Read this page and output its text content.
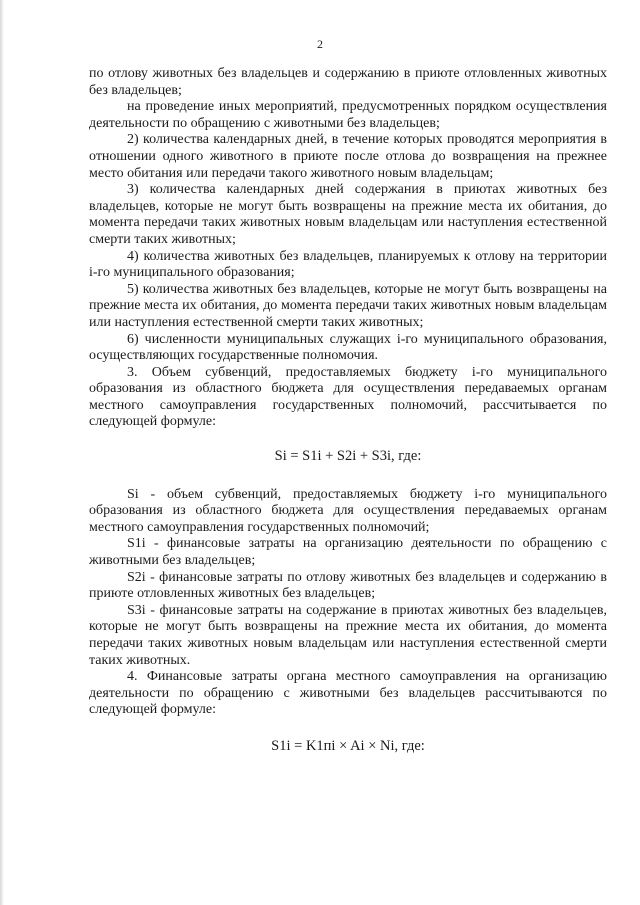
2

по отлову животных без владельцев и содержанию в приюте отловленных животных без владельцев;

на проведение иных мероприятий, предусмотренных порядком осуществления деятельности по обращению с животными без владельцев;

2) количества календарных дней, в течение которых проводятся мероприятия в отношении одного животного в приюте после отлова до возвращения на прежнее место обитания или передачи такого животного новым владельцам;

3) количества календарных дней содержания в приютах животных без владельцев, которые не могут быть возвращены на прежние места их обитания, до момента передачи таких животных новым владельцам или наступления естественной смерти таких животных;

4) количества животных без владельцев, планируемых к отлову на территории i-го муниципального образования;

5) количества животных без владельцев, которые не могут быть возвращены на прежние места их обитания, до момента передачи таких животных новым владельцам или наступления естественной смерти таких животных;

6) численности муниципальных служащих i-го муниципального образования, осуществляющих государственные полномочия.

3. Объем субвенций, предоставляемых бюджету i-го муниципального образования из областного бюджета для осуществления передаваемых органам местного самоуправления государственных полномочий, рассчитывается по следующей формуле:

Si = S1i + S2i + S3i, где:

Si - объем субвенций, предоставляемых бюджету i-го муниципального образования из областного бюджета для осуществления передаваемых органам местного самоуправления государственных полномочий;

S1i - финансовые затраты на организацию деятельности по обращению с животными без владельцев;

S2i - финансовые затраты по отлову животных без владельцев и содержанию в приюте отловленных животных без владельцев;

S3i - финансовые затраты на содержание в приютах животных без владельцев, которые не могут быть возвращены на прежние места их обитания, до момента передачи таких животных новым владельцам или наступления естественной смерти таких животных.

4. Финансовые затраты органа местного самоуправления на организацию деятельности по обращению с животными без владельцев рассчитываются по следующей формуле:

S1i = K1пi × Ai × Ni, где:
